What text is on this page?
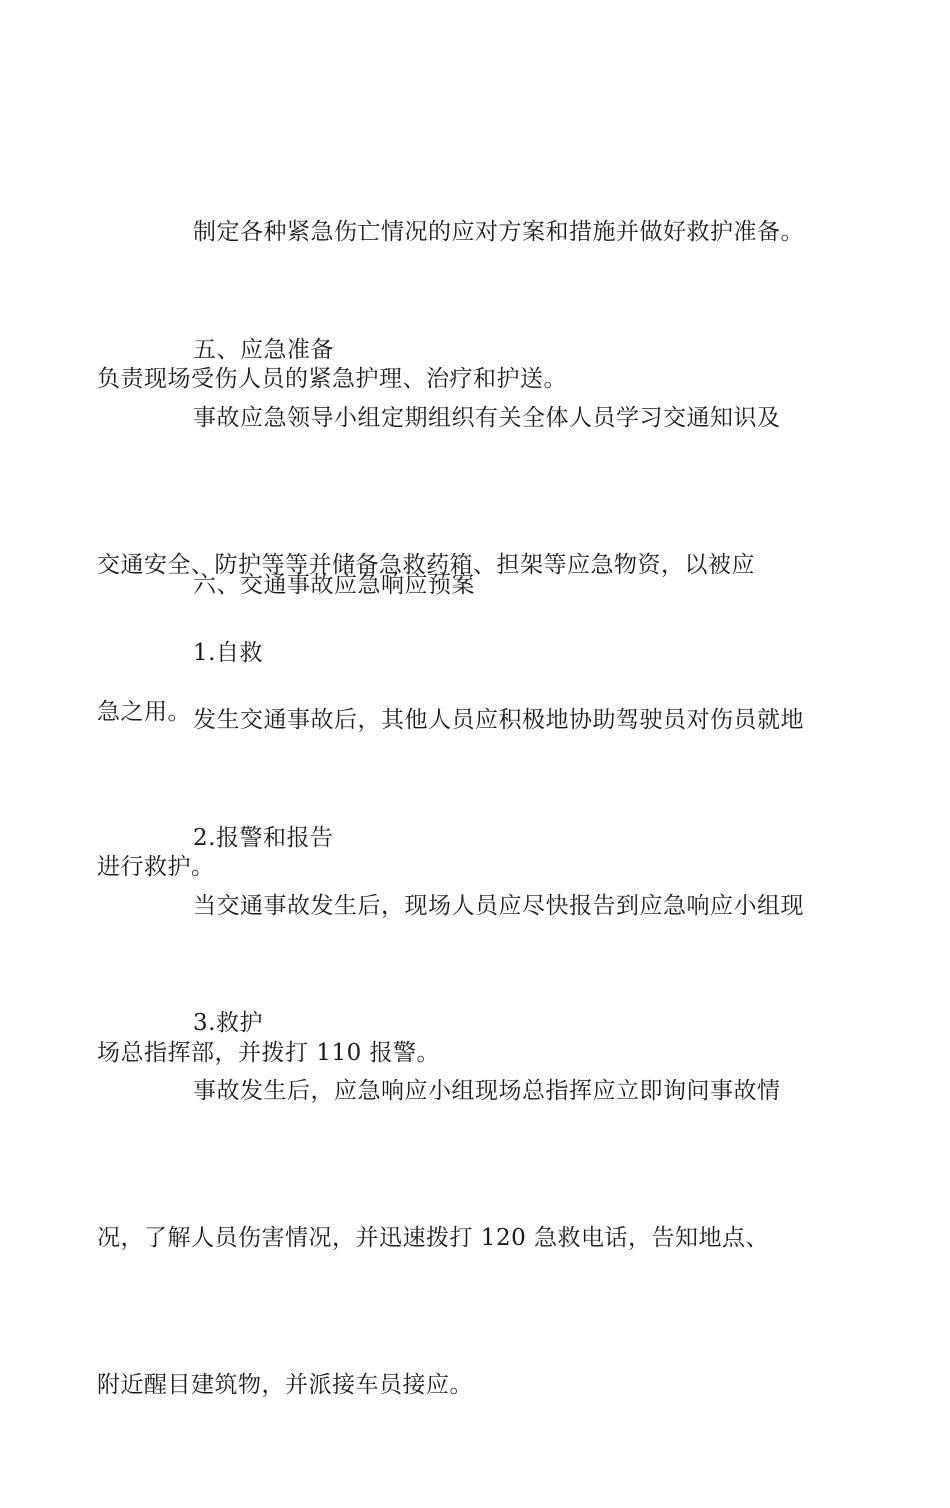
制定各种紧急伤亡情况的应对方案和措施并做好救护准备。

负责现场受伤人员的紧急护理、治疗和护送。

五、应急准备

事故应急领导小组定期组织有关全体人员学习交通知识及

交通安全、防护等等并储备急救药箱、担架等应急物资，以被应

急之用。

六、交通事故应急响应预案

1.自救

发生交通事故后，其他人员应积极地协助驾驶员对伤员就地

进行救护。

2.报警和报告

当交通事故发生后，现场人员应尽快报告到应急响应小组现

场总指挥部，并拨打 110 报警。

3.救护

事故发生后，应急响应小组现场总指挥应立即询问事故情

况，了解人员伤害情况，并迅速拨打 120 急救电话，告知地点、

附近醒目建筑物，并派接车员接应。
